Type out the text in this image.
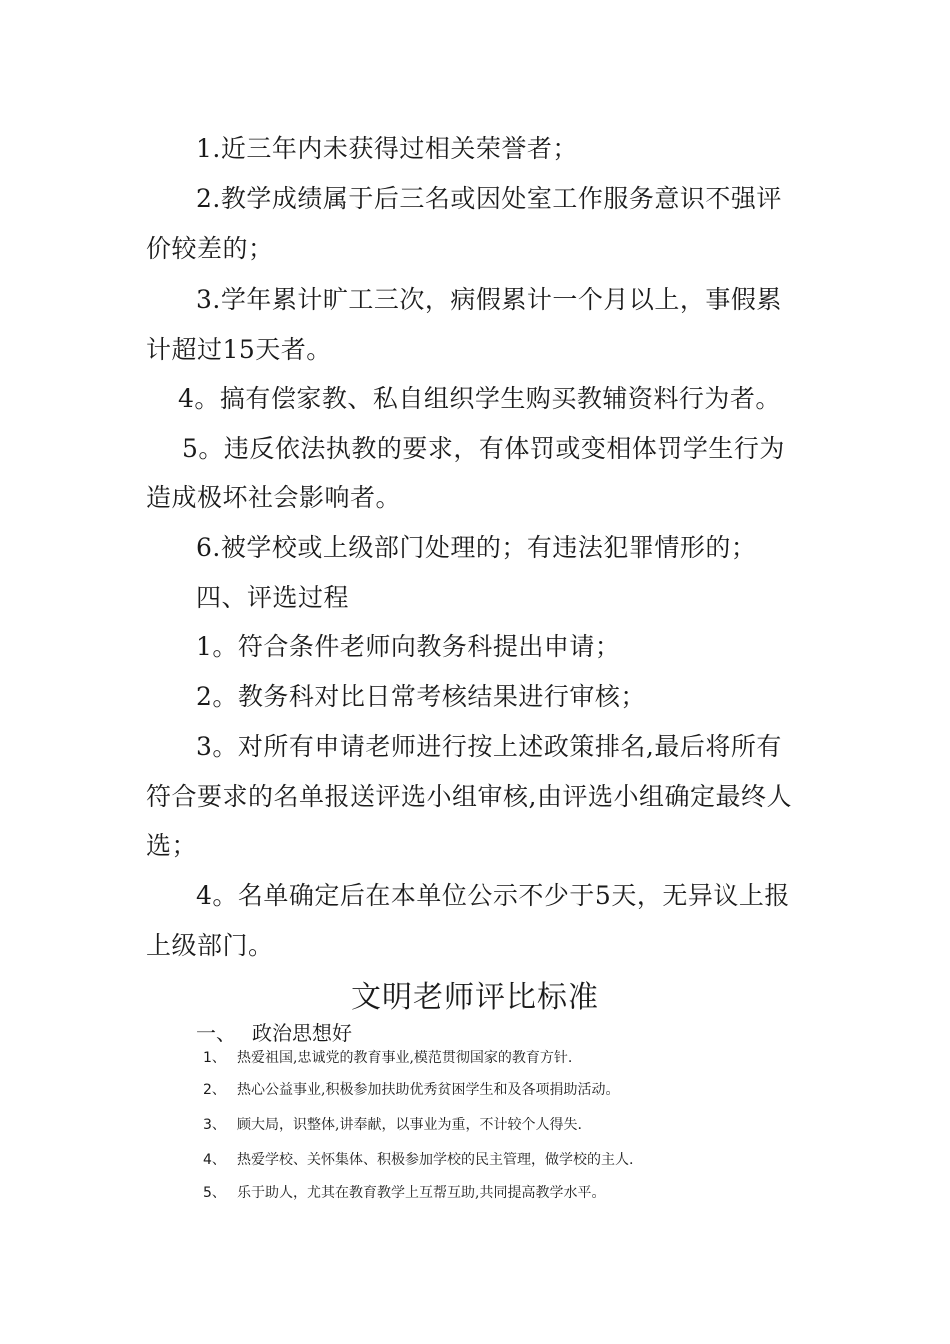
1.近三年内未获得过相关荣誉者；
2.教学成绩属于后三名或因处室工作服务意识不强评
价较差的；
3.学年累计旷工三次，病假累计一个月以上，事假累
计超过15天者。
4。搞有偿家教、私自组织学生购买教辅资料行为者。
5。违反依法执教的要求，有体罚或变相体罚学生行为
造成极坏社会影响者。
6.被学校或上级部门处理的；有违法犯罪情形的；
四、评选过程
1。符合条件老师向教务科提出申请；
2。教务科对比日常考核结果进行审核；
3。对所有申请老师进行按上述政策排名,最后将所有
符合要求的名单报送评选小组审核,由评选小组确定最终人
选；
4。名单确定后在本单位公示不少于5天，无异议上报
上级部门。
文明老师评比标准
一、 政治思想好
1、 热爱祖国,忠诚党的教育事业,模范贯彻国家的教育方针.
2、 热心公益事业,积极参加扶助优秀贫困学生和及各项捐助活动。
3、 顾大局，识整体,讲奉献，以事业为重，不计较个人得失.
4、 热爱学校、关怀集体、积极参加学校的民主管理，做学校的主人.
5、 乐于助人，尤其在教育教学上互帮互助,共同提高教学水平。
